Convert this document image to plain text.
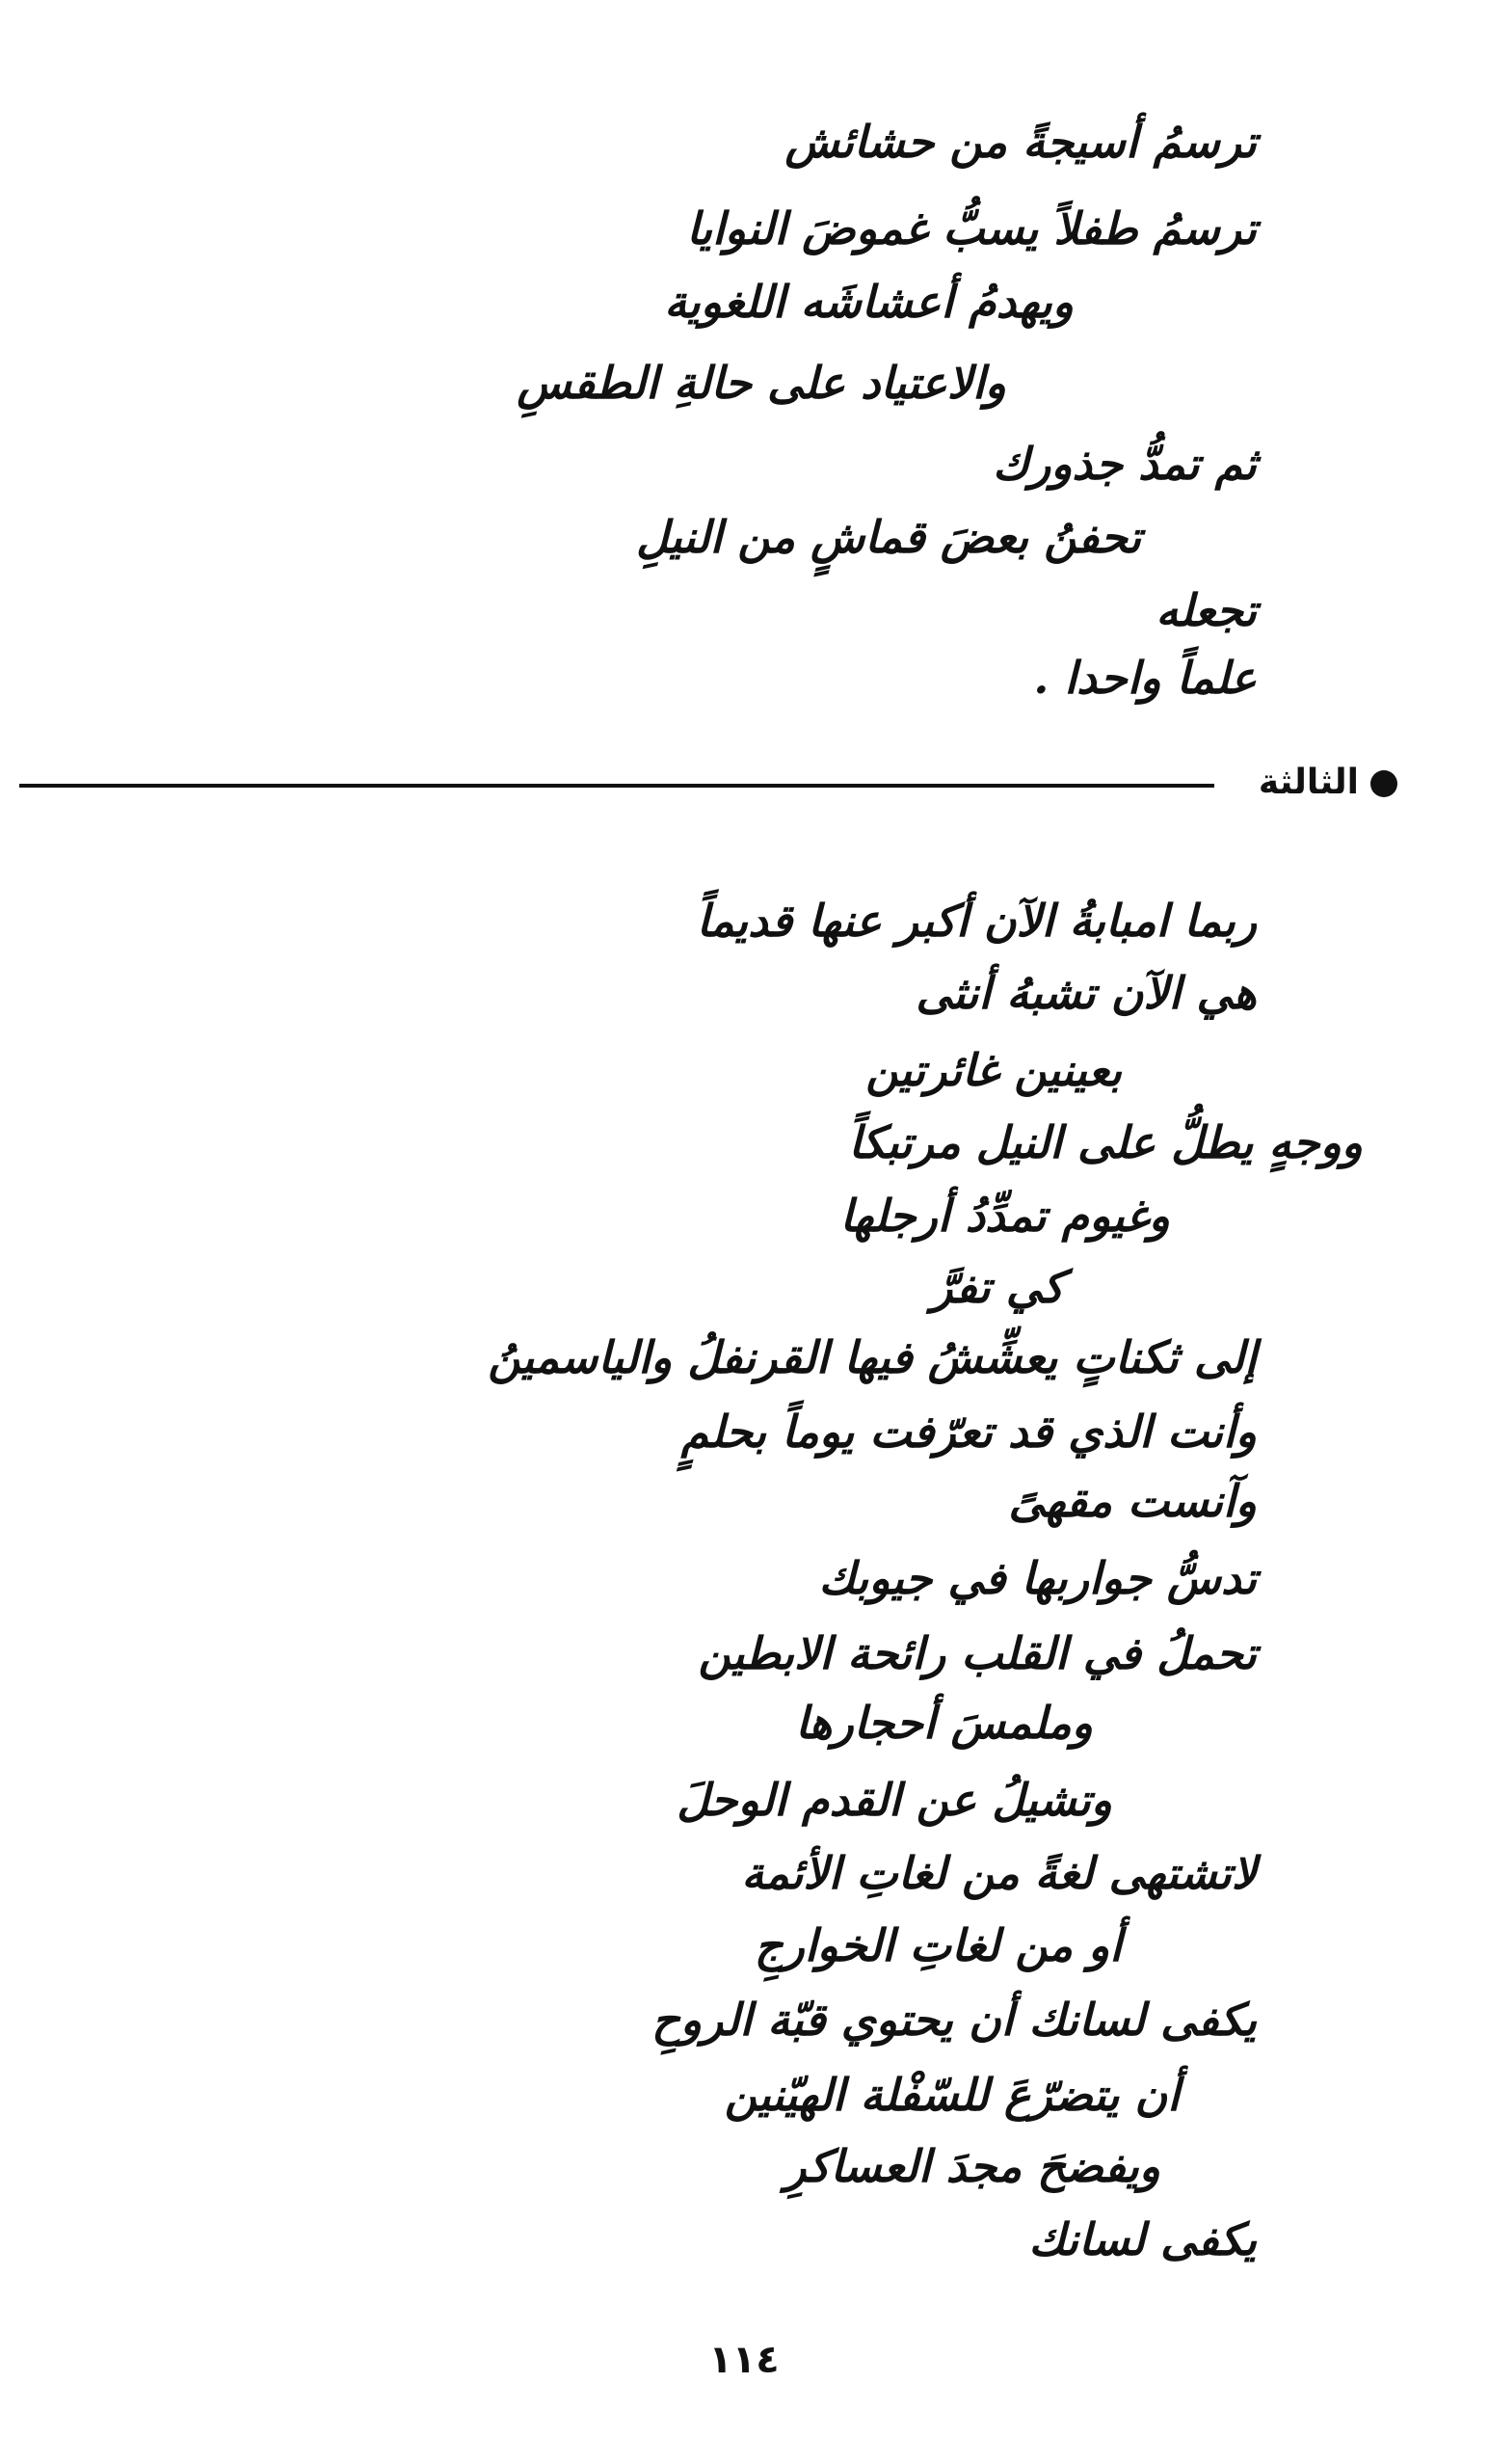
ترسمُ أسيجةً من حشائش
ترسمُ طفلاً يسبُّ غموضَ النوايا
ويهدمُ أعشاشَه اللغوية
والاعتياد على حالةِ الطقسِ
ثم تمدُّ جذورك
تحفنُ بعضَ قماشٍ من النيلِ
تجعله
علماً واحدا .
الثالثة
ربما امبابةُ الآن أكبر عنها قديماً
هي الآن تشبهُ أنثى
بعينين غائرتين
ووجهٍ يطلُّ على النيل مرتبكاً
وغيوم تمدِّدُ أرجلها
كي تفرَّ
إلى ثكناتٍ يعشِّشُ فيها القرنفلُ والياسمينُ
وأنت الذي قد تعرّفت يوماً بحلمٍ
وآنست مقهىً
تدسُّ جواربها في جيوبك
تحملُ في القلب رائحة الابطين
وملمسَ أحجارها
وتشيلُ عن القدم الوحلَ
لاتشتهى لغةً من لغاتِ الأئمة
أو من لغاتِ الخوارجِ
يكفى لسانك أن يحتوي قبّة الروحِ
أن يتضرّعَ للسّفْلة الهيّنين
ويفضحَ مجدَ العساكرِ
يكفى لسانك
١١٤
